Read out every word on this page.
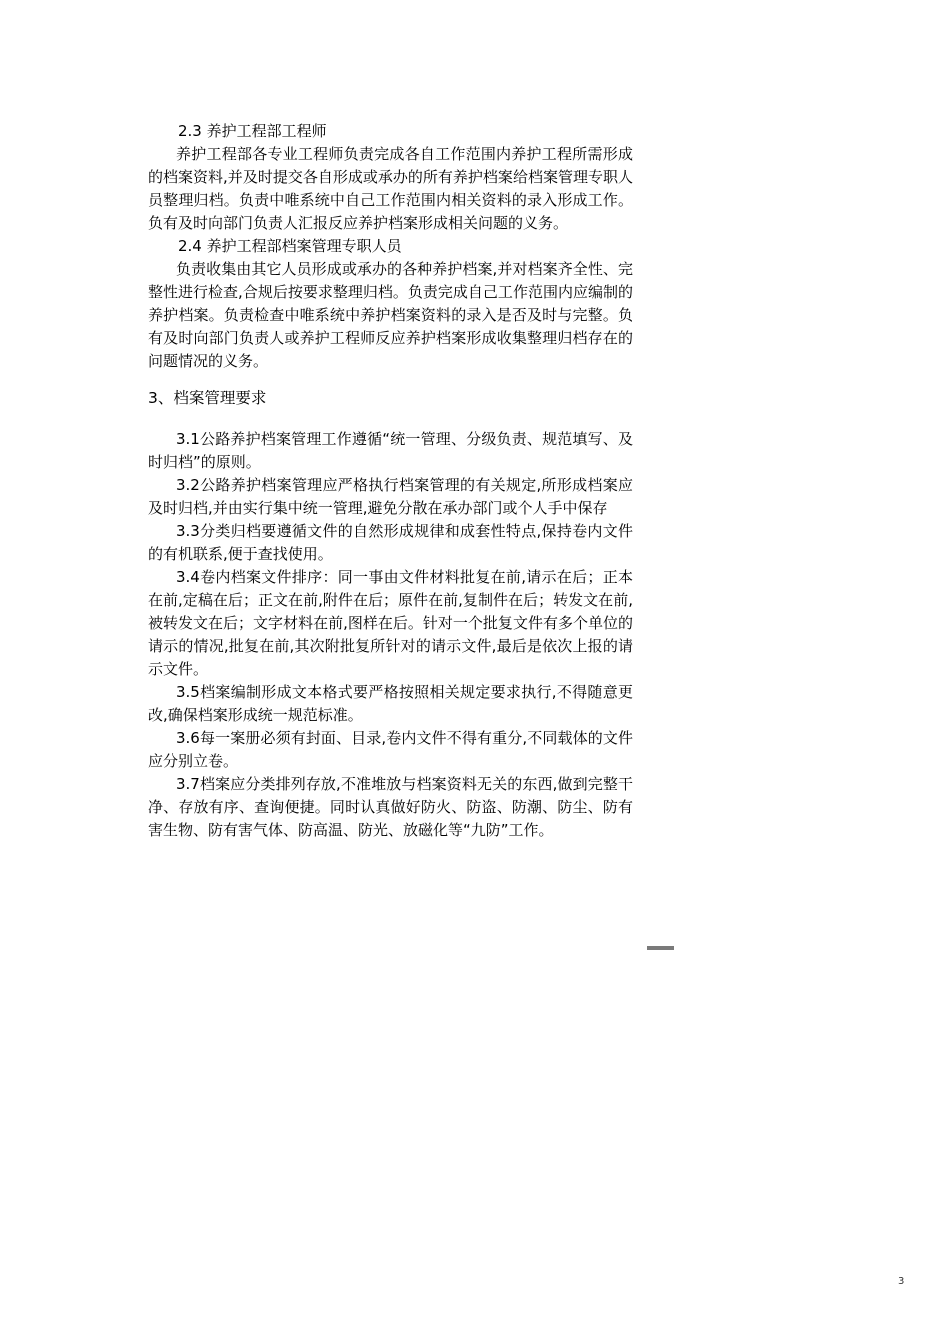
2.3 养护工程部工程师

养护工程部各专业工程师负责完成各自工作范围内养护工程所需形成的档案资料,并及时提交各自形成或承办的所有养护档案给档案管理专职人员整理归档。负责中唯系统中自己工作范围内相关资料的录入形成工作。负有及时向部门负责人汇报反应养护档案形成相关问题的义务。

2.4 养护工程部档案管理专职人员

负责收集由其它人员形成或承办的各种养护档案,并对档案齐全性、完整性进行检查,合规后按要求整理归档。负责完成自己工作范围内应编制的养护档案。负责检查中唯系统中养护档案资料的录入是否及时与完整。负有及时向部门负责人或养护工程师反应养护档案形成收集整理归档存在的问题情况的义务。

3、档案管理要求

3.1公路养护档案管理工作遵循“统一管理、分级负责、规范填写、及时归档”的原则。

3.2公路养护档案管理应严格执行档案管理的有关规定,所形成档案应及时归档,并由实行集中统一管理,避免分散在承办部门或个人手中保存

3.3分类归档要遵循文件的自然形成规律和成套性特点,保持卷内文件的有机联系,便于查找使用。

3.4卷内档案文件排序：同一事由文件材料批复在前,请示在后；正本在前,定稿在后；正文在前,附件在后；原件在前,复制件在后；转发文在前,被转发文在后；文字材料在前,图样在后。针对一个批复文件有多个单位的请示的情况,批复在前,其次附批复所针对的请示文件,最后是依次上报的请示文件。

3.5档案编制形成文本格式要严格按照相关规定要求执行,不得随意更改,确保档案形成统一规范标准。

3.6每一案册必须有封面、目录,卷内文件不得有重分,不同载体的文件应分别立卷。

3.7档案应分类排列存放,不准堆放与档案资料无关的东西,做到完整干净、存放有序、查询便捷。同时认真做好防火、防盗、防潮、防尘、防有害生物、防有害气体、防高温、防光、放磁化等“九防”工作。

3
